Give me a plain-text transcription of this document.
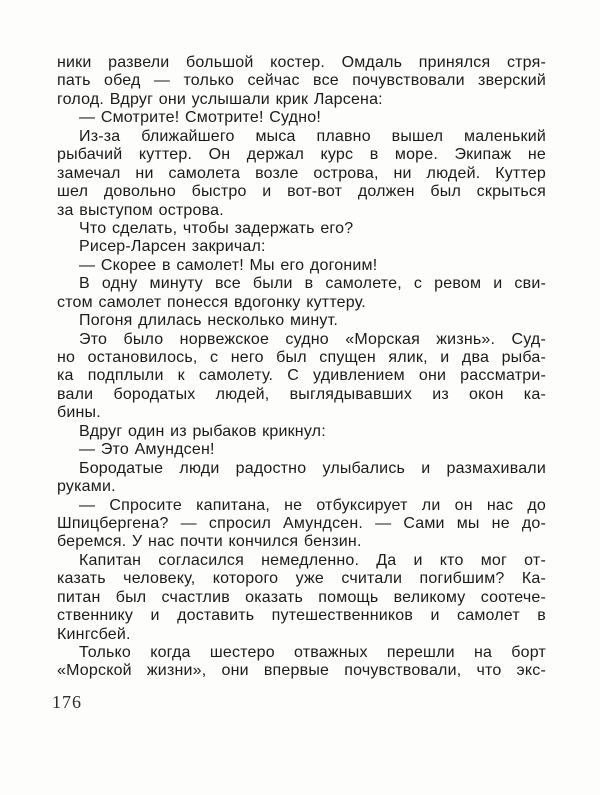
ники развели большой костер. Омдаль принялся стря-
пать обед — только сейчас все почувствовали зверский
голод. Вдруг они услышали крик Ларсена:
— Смотрите! Смотрите! Судно!
Из-за ближайшего мыса плавно вышел маленький
рыбачий куттер. Он держал курс в море. Экипаж не
замечал ни самолета возле острова, ни людей. Куттер
шел довольно быстро и вот-вот должен был скрыться
за выступом острова.
Что сделать, чтобы задержать его?
Рисер-Ларсен закричал:
— Скорее в самолет! Мы его догоним!
В одну минуту все были в самолете, с ревом и сви-
стом самолет понесся вдогонку куттеру.
Погоня длилась несколько минут.
Это было норвежское судно «Морская жизнь». Суд-
но остановилось, с него был спущен ялик, и два рыба-
ка подплыли к самолету. С удивлением они рассматри-
вали бородатых людей, выглядывавших из окон ка-
бины.
Вдруг один из рыбаков крикнул:
— Это Амундсен!
Бородатые люди радостно улыбались и размахивали
руками.
— Спросите капитана, не отбуксирует ли он нас до
Шпицбергена? — спросил Амундсен. — Сами мы не до-
беремся. У нас почти кончился бензин.
Капитан согласился немедленно. Да и кто мог от-
казать человеку, которого уже считали погибшим? Ка-
питан был счастлив оказать помощь великому соотече-
ственнику и доставить путешественников и самолет в
Кингсбей.
Только когда шестеро отважных перешли на борт
«Морской жизни», они впервые почувствовали, что экс-
176
